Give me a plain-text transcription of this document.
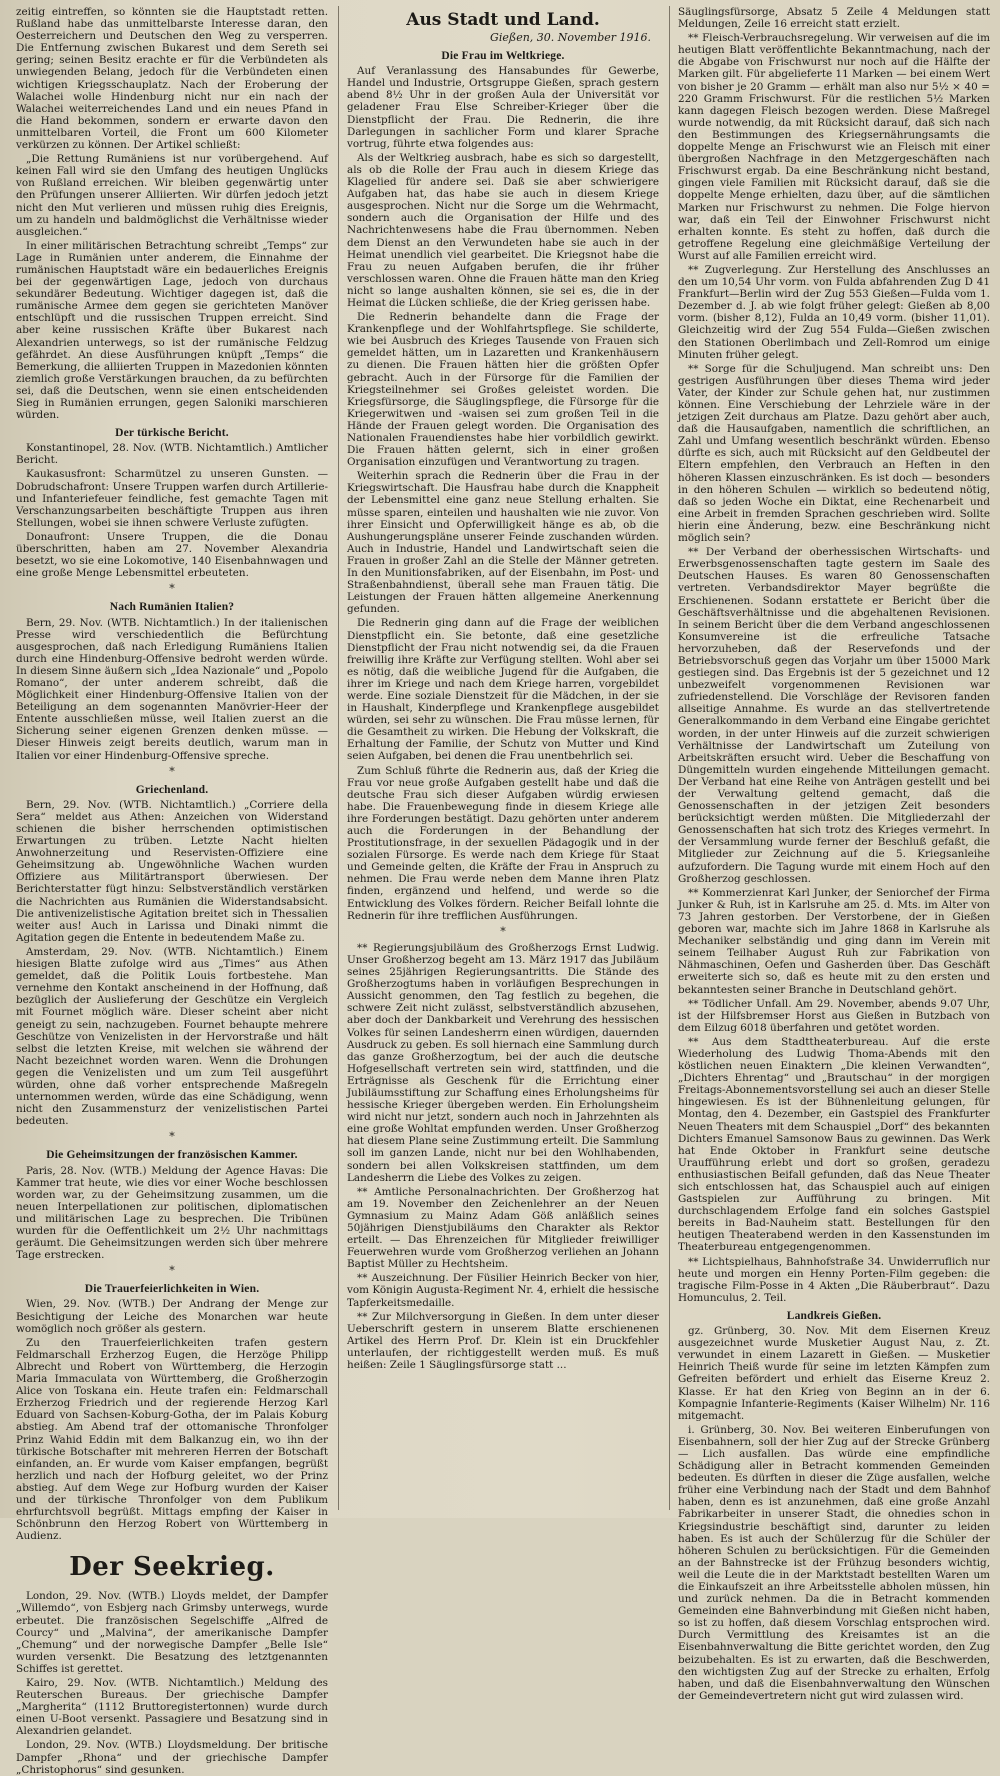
zeitig eintreffen, so könnten sie die Hauptstadt retten. Rußland habe das unmittelbarste Interesse daran, den Oesterreichern und Deutschen den Weg zu versperren. Die Entfernung zwischen Bukarest und dem Sereth sei gering; seinen Besitz erachte er für die Verbündeten als unwiegenden Belang, jedoch für die Verbündeten einen wichtigen Kriegsschauplatz. Nach der Eroberung der Walachei wolle Hindenburg nicht nur ein nach der Walachei weiterreichendes Land und ein neues Pfand in die Hand bekommen, sondern er erwarte davon den unmittelbaren Vorteil, die Front um 600 Kilometer verkürzen zu können. Der Artikel schließt:

„Die Rettung Rumäniens ist nur vorübergehend. Auf keinen Fall wird sie den Umfang des heutigen Unglücks von Rußland erreichen. Wir bleiben gegenwärtig unter den Prüfungen unserer Alliierten. Wir dürfen jedoch jetzt nicht den Mut verlieren und müssen ruhig dies Ereignis, um zu handeln und baldmöglichst die Verhältnisse wieder ausgleichen.“

In einer militärischen Betrachtung schreibt „Temps“ zur Lage in Rumänien unter anderem, die Einnahme der rumänischen Hauptstadt wäre ein bedauerliches Ereignis bei der gegenwärtigen Lage, jedoch von durchaus sekundärer Bedeutung. Wichtiger dagegen ist, daß die rumänische Armee dem gegen sie gerichteten Manöver entschlüpft und die russischen Truppen erreicht. Sind aber keine russischen Kräfte über Bukarest nach Alexandrien unterwegs, so ist der rumänische Feldzug gefährdet. An diese Ausführungen knüpft „Temps“ die Bemerkung, die alliierten Truppen in Mazedonien könnten ziemlich große Verstärkungen brauchen, da zu befürchten sei, daß die Deutschen, wenn sie einen entscheidenden Sieg in Rumänien errungen, gegen Saloniki marschieren würden.

Der türkische Bericht.

Konstantinopel, 28. Nov. (WTB. Nichtamtlich.) Amtlicher Bericht.

Kaukasusfront: Scharmützel zu unseren Gunsten. — Dobrudschafront: Unsere Truppen warfen durch Artillerie- und Infanteriefeuer feindliche, fest gemachte Tagen mit Verschanzungsarbeiten beschäftigte Truppen aus ihren Stellungen, wobei sie ihnen schwere Verluste zufügten.

Donaufront: Unsere Truppen, die die Donau überschritten, haben am 27. November Alexandria besetzt, wo sie eine Lokomotive, 140 Eisenbahnwagen und eine große Menge Lebensmittel erbeuteten.

*
Nach Rumänien Italien?

Bern, 29. Nov. (WTB. Nichtamtlich.) In der italienischen Presse wird verschiedentlich die Befürchtung ausgesprochen, daß nach Erledigung Rumäniens Italien durch eine Hindenburg-Offensive bedroht werden würde. In diesem Sinne äußern sich „Idea Nazionale“ und „Popolo Romano“, der unter anderem schreibt, daß die Möglichkeit einer Hindenburg-Offensive Italien von der Beteiligung an dem sogenannten Manövrier-Heer der Entente ausschließen müsse, weil Italien zuerst an die Sicherung seiner eigenen Grenzen denken müsse. — Dieser Hinweis zeigt bereits deutlich, warum man in Italien vor einer Hindenburg-Offensive spreche.

*
Griechenland.

Bern, 29. Nov. (WTB. Nichtamtlich.) „Corriere della Sera“ meldet aus Athen: Anzeichen von Widerstand schienen die bisher herrschenden optimistischen Erwartungen zu trüben. Letzte Nacht hielten Anwohnerzeitung und Reservisten-Offiziere eine Geheimsitzung ab. Ungewöhnliche Wachen wurden Offiziere aus Militärtransport überwiesen. Der Berichterstatter fügt hinzu: Selbstverständlich verstärken die Nachrichten aus Rumänien die Widerstandsabsicht. Die antivenizelistische Agitation breitet sich in Thessalien weiter aus! Auch in Larissa und Dinaki nimmt die Agitation gegen die Entente in bedeutendem Maße zu.

Amsterdam, 29. Nov. (WTB. Nichtamtlich.) Einem hiesigen Blatte zufolge wird aus „Times“ aus Athen gemeldet, daß die Politik Louis fortbestehe. Man vernehme den Kontakt anscheinend in der Hoffnung, daß bezüglich der Auslieferung der Geschütze ein Vergleich mit Fournet möglich wäre. Dieser scheint aber nicht geneigt zu sein, nachzugeben. Fournet behaupte mehrere Geschütze von Venizelisten in der Hervorstraße und hält selbst die letzten Kreise, mit welchen sie während der Nacht bezeichnet worden waren. Wenn die Drohungen gegen die Venizelisten und um zum Teil ausgeführt würden, ohne daß vorher entsprechende Maßregeln unternommen werden, würde das eine Schädigung, wenn nicht den Zusammensturz der venizelistischen Partei bedeuten.

*
Die Geheimsitzungen der französischen Kammer.

Paris, 28. Nov. (WTB.) Meldung der Agence Havas: Die Kammer trat heute, wie dies vor einer Woche beschlossen worden war, zu der Geheimsitzung zusammen, um die neuen Interpellationen zur politischen, diplomatischen und militärischen Lage zu besprechen. Die Tribünen wurden für die Oeffentlichkeit um 2½ Uhr nachmittags geräumt. Die Geheimsitzungen werden sich über mehrere Tage erstrecken.

*
Die Trauerfeierlichkeiten in Wien.

Wien, 29. Nov. (WTB.) Der Andrang der Menge zur Besichtigung der Leiche des Monarchen war heute womöglich noch größer als gestern.

Zu den Trauerfeierlichkeiten trafen gestern Feldmarschall Erzherzog Eugen, die Herzöge Philipp Albrecht und Robert von Württemberg, die Herzogin Maria Immaculata von Württemberg, die Großherzogin Alice von Toskana ein. Heute trafen ein: Feldmarschall Erzherzog Friedrich und der regierende Herzog Karl Eduard von Sachsen-Koburg-Gotha, der im Palais Koburg abstieg. Am Abend traf der ottomanische Thronfolger Prinz Wahid Eddin mit dem Balkanzug ein, wo ihn der türkische Botschafter mit mehreren Herren der Botschaft einfanden, an. Er wurde vom Kaiser empfangen, begrüßt herzlich und nach der Hofburg geleitet, wo der Prinz abstieg. Auf dem Wege zur Hofburg wurden der Kaiser und der türkische Thronfolger von dem Publikum ehrfurchtsvoll begrüßt. Mittags empfing der Kaiser in Schönbrunn den Herzog Robert von Württemberg in Audienz.

Der Seekrieg.

London, 29. Nov. (WTB.) Lloyds meldet, der Dampfer „Willemdo“, von Esbjerg nach Grimsby unterwegs, wurde erbeutet. Die französischen Segelschiffe „Alfred de Courcy“ und „Malvina“, der amerikanische Dampfer „Chemung“ und der norwegische Dampfer „Belle Isle“ wurden versenkt. Die Besatzung des letztgenannten Schiffes ist gerettet.

Kairo, 29. Nov. (WTB. Nichtamtlich.) Meldung des Reuterschen Bureaus. Der griechische Dampfer „Margherita“ (1112 Bruttoregistertonnen) wurde durch einen U-Boot versenkt. Passagiere und Besatzung sind in Alexandrien gelandet.

London, 29. Nov. (WTB.) Lloydsmeldung. Der britische Dampfer „Rhona“ und der griechische Dampfer „Christophorus“ sind gesunken.

Aus Stadt und Land.
Gießen, 30. November 1916.
Die Frau im Weltkriege.

Auf Veranlassung des Hansabundes für Gewerbe, Handel und Industrie, Ortsgruppe Gießen, sprach gestern abend 8½ Uhr in der großen Aula der Universität vor geladener Frau Else Schreiber-Krieger über die Dienstpflicht der Frau. Die Rednerin, die ihre Darlegungen in sachlicher Form und klarer Sprache vortrug, führte etwa folgendes aus:

Als der Weltkrieg ausbrach, habe es sich so dargestellt, als ob die Rolle der Frau auch in diesem Kriege das Klagelied für andere sei. Daß sie aber schwierigere Aufgaben hat, das habe sie auch in diesem Kriege ausgesprochen. Nicht nur die Sorge um die Wehrmacht, sondern auch die Organisation der Hilfe und des Nachrichtenwesens habe die Frau übernommen. Neben dem Dienst an den Verwundeten habe sie auch in der Heimat unendlich viel gearbeitet. Die Kriegsnot habe die Frau zu neuen Aufgaben berufen, die ihr früher verschlossen waren. Ohne die Frauen hätte man den Krieg nicht so lange aushalten können, sie sei es, die in der Heimat die Lücken schließe, die der Krieg gerissen habe.

Die Rednerin behandelte dann die Frage der Krankenpflege und der Wohlfahrtspflege. Sie schilderte, wie bei Ausbruch des Krieges Tausende von Frauen sich gemeldet hätten, um in Lazaretten und Krankenhäusern zu dienen. Die Frauen hätten hier die größten Opfer gebracht. Auch in der Fürsorge für die Familien der Kriegsteilnehmer sei Großes geleistet worden. Die Kriegsfürsorge, die Säuglingspflege, die Fürsorge für die Kriegerwitwen und -waisen sei zum großen Teil in die Hände der Frauen gelegt worden. Die Organisation des Nationalen Frauendienstes habe hier vorbildlich gewirkt. Die Frauen hätten gelernt, sich in einer großen Organisation einzufügen und Verantwortung zu tragen.

Weiterhin sprach die Rednerin über die Frau in der Kriegswirtschaft. Die Hausfrau habe durch die Knappheit der Lebensmittel eine ganz neue Stellung erhalten. Sie müsse sparen, einteilen und haushalten wie nie zuvor. Von ihrer Einsicht und Opferwilligkeit hänge es ab, ob die Aushungerungspläne unserer Feinde zuschanden würden. Auch in Industrie, Handel und Landwirtschaft seien die Frauen in großer Zahl an die Stelle der Männer getreten. In den Munitionsfabriken, auf der Eisenbahn, im Post- und Straßenbahndienst, überall sehe man Frauen tätig. Die Leistungen der Frauen hätten allgemeine Anerkennung gefunden.

Die Rednerin ging dann auf die Frage der weiblichen Dienstpflicht ein. Sie betonte, daß eine gesetzliche Dienstpflicht der Frau nicht notwendig sei, da die Frauen freiwillig ihre Kräfte zur Verfügung stellten. Wohl aber sei es nötig, daß die weibliche Jugend für die Aufgaben, die ihrer im Kriege und nach dem Kriege harren, vorgebildet werde. Eine soziale Dienstzeit für die Mädchen, in der sie in Haushalt, Kinderpflege und Krankenpflege ausgebildet würden, sei sehr zu wünschen. Die Frau müsse lernen, für die Gesamtheit zu wirken. Die Hebung der Volkskraft, die Erhaltung der Familie, der Schutz von Mutter und Kind seien Aufgaben, bei denen die Frau unentbehrlich sei.

Zum Schluß führte die Rednerin aus, daß der Krieg die Frau vor neue große Aufgaben gestellt habe und daß die deutsche Frau sich dieser Aufgaben würdig erwiesen habe. Die Frauenbewegung finde in diesem Kriege alle ihre Forderungen bestätigt. Dazu gehörten unter anderem auch die Forderungen in der Behandlung der Prostitutionsfrage, in der sexuellen Pädagogik und in der sozialen Fürsorge. Es werde nach dem Kriege für Staat und Gemeinde gelten, die Kräfte der Frau in Anspruch zu nehmen. Die Frau werde neben dem Manne ihren Platz finden, ergänzend und helfend, und werde so die Entwicklung des Volkes fördern. Reicher Beifall lohnte die Rednerin für ihre trefflichen Ausführungen.

*

** Regierungsjubiläum des Großherzogs Ernst Ludwig. Unser Großherzog begeht am 13. März 1917 das Jubiläum seines 25jährigen Regierungsantritts. Die Stände des Großherzogtums haben in vorläufigen Besprechungen in Aussicht genommen, den Tag festlich zu begehen, die schwere Zeit nicht zulässt, selbstverständlich abzusehen, aber doch der Dankbarkeit und Verehrung des hessischen Volkes für seinen Landesherrn einen würdigen, dauernden Ausdruck zu geben. Es soll hiernach eine Sammlung durch das ganze Großherzogtum, bei der auch die deutsche Hofgesellschaft vertreten sein wird, stattfinden, und die Erträgnisse als Geschenk für die Errichtung einer Jubiläumsstiftung zur Schaffung eines Erholungsheims für hessische Krieger übergeben werden. Ein Erholungsheim wird nicht nur jetzt, sondern auch noch in Jahrzehnten als eine große Wohltat empfunden werden. Unser Großherzog hat diesem Plane seine Zustimmung erteilt. Die Sammlung soll im ganzen Lande, nicht nur bei den Wohlhabenden, sondern bei allen Volkskreisen stattfinden, um dem Landesherrn die Liebe des Volkes zu zeigen.

** Amtliche Personalnachrichten. Der Großherzog hat am 19. November den Zeichenlehrer an der Neuen Gymnasium zu Mainz Adam Göß anläßlich seines 50jährigen Dienstjubiläums den Charakter als Rektor erteilt. — Das Ehrenzeichen für Mitglieder freiwilliger Feuerwehren wurde vom Großherzog verliehen an Johann Baptist Müller zu Hechtsheim.

** Auszeichnung. Der Füsilier Heinrich Becker von hier, vom Königin Augusta-Regiment Nr. 4, erhielt die hessische Tapferkeitsmedaille.

** Zur Milchversorgung in Gießen. In dem unter dieser Ueberschrift gestern in unserem Blatte erschienenen Artikel des Herrn Prof. Dr. Klein ist ein Druckfehler unterlaufen, der richtiggestellt werden muß. Es muß heißen: Zeile 1 Säuglingsfürsorge statt ...

Säuglingsfürsorge, Absatz 5 Zeile 4 Meldungen statt Meldungen, Zeile 16 erreicht statt erzielt.

** Fleisch-Verbrauchsregelung. Wir verweisen auf die im heutigen Blatt veröffentlichte Bekanntmachung, nach der die Abgabe von Frischwurst nur noch auf die Hälfte der Marken gilt. Für abgelieferte 11 Marken — bei einem Wert von bisher je 20 Gramm — erhält man also nur 5½ × 40 = 220 Gramm Frischwurst. Für die restlichen 5½ Marken kann dagegen Fleisch bezogen werden. Diese Maßregel wurde notwendig, da mit Rücksicht darauf, daß sich nach den Bestimmungen des Kriegsernährungsamts die doppelte Menge an Frischwurst wie an Fleisch mit einer übergroßen Nachfrage in den Metzgergeschäften nach Frischwurst ergab. Da eine Beschränkung nicht bestand, gingen viele Familien mit Rücksicht darauf, daß sie die doppelte Menge erhielten, dazu über, auf die sämtlichen Marken nur Frischwurst zu nehmen. Die Folge hiervon war, daß ein Teil der Einwohner Frischwurst nicht erhalten konnte. Es steht zu hoffen, daß durch die getroffene Regelung eine gleichmäßige Verteilung der Wurst auf alle Familien erreicht wird.

** Zugverlegung. Zur Herstellung des Anschlusses an den um 10,54 Uhr vorm. von Fulda abfahrenden Zug D 41 Frankfurt—Berlin wird der Zug 553 Gießen—Fulda vom 1. Dezember d. J. ab wie folgt früher gelegt: Gießen ab 8,00 vorm. (bisher 8,12), Fulda an 10,49 vorm. (bisher 11,01). Gleichzeitig wird der Zug 554 Fulda—Gießen zwischen den Stationen Oberlimbach und Zell-Romrod um einige Minuten früher gelegt.

** Sorge für die Schuljugend. Man schreibt uns: Den gestrigen Ausführungen über dieses Thema wird jeder Vater, der Kinder zur Schule gehen hat, nur zustimmen können. Eine Verschiebung der Lehrziele wäre in der jetzigen Zeit durchaus am Platze. Dazu gehört aber auch, daß die Hausaufgaben, namentlich die schriftlichen, an Zahl und Umfang wesentlich beschränkt würden. Ebenso dürfte es sich, auch mit Rücksicht auf den Geldbeutel der Eltern empfehlen, den Verbrauch an Heften in den höheren Klassen einzuschränken. Es ist doch — besonders in den höheren Schulen — wirklich so bedeutend nötig, daß so jeden Woche ein Diktat, eine Rechenarbeit und eine Arbeit in fremden Sprachen geschrieben wird. Sollte hierin eine Änderung, bezw. eine Beschränkung nicht möglich sein?

** Der Verband der oberhessischen Wirtschafts- und Erwerbsgenossenschaften tagte gestern im Saale des Deutschen Hauses. Es waren 80 Genossenschaften vertreten. Verbandsdirektor Mayer begrüßte die Erschienenen. Sodann erstattete er Bericht über die Geschäftsverhältnisse und die abgehaltenen Revisionen. In seinem Bericht über die dem Verband angeschlossenen Konsumvereine ist die erfreuliche Tatsache hervorzuheben, daß der Reservefonds und der Betriebsvorschuß gegen das Vorjahr um über 15000 Mark gestiegen sind. Das Ergebnis ist der 5 gezeichnet und 12 unbezweifelt vorgenommenen Revisionen war zufriedenstellend. Die Vorschläge der Revisoren fanden allseitige Annahme. Es wurde an das stellvertretende Generalkommando in dem Verband eine Eingabe gerichtet worden, in der unter Hinweis auf die zurzeit schwierigen Verhältnisse der Landwirtschaft um Zuteilung von Arbeitskräften ersucht wird. Ueber die Beschaffung von Düngemitteln wurden eingehende Mitteilungen gemacht. Der Verband hat eine Reihe von Anträgen gestellt und bei der Verwaltung geltend gemacht, daß die Genossenschaften in der jetzigen Zeit besonders berücksichtigt werden müßten. Die Mitgliederzahl der Genossenschaften hat sich trotz des Krieges vermehrt. In der Versammlung wurde ferner der Beschluß gefaßt, die Mitglieder zur Zeichnung auf die 5. Kriegsanleihe aufzufordern. Die Tagung wurde mit einem Hoch auf den Großherzog geschlossen.

** Kommerzienrat Karl Junker, der Seniorchef der Firma Junker & Ruh, ist in Karlsruhe am 25. d. Mts. im Alter von 73 Jahren gestorben. Der Verstorbene, der in Gießen geboren war, machte sich im Jahre 1868 in Karlsruhe als Mechaniker selbständig und ging dann im Verein mit seinem Teilhaber August Ruh zur Fabrikation von Nähmaschinen, Oefen und Gasherden über. Das Geschäft erweiterte sich so, daß es heute mit zu den ersten und bekanntesten seiner Branche in Deutschland gehört.

** Tödlicher Unfall. Am 29. November, abends 9.07 Uhr, ist der Hilfsbremser Horst aus Gießen in Butzbach von dem Eilzug 6018 überfahren und getötet worden.

** Aus dem Stadttheaterbureau. Auf die erste Wiederholung des Ludwig Thoma-Abends mit den köstlichen neuen Einaktern „Die kleinen Verwandten“, „Dichters Ehrentag“ und „Brautschau“ in der morgigen Freitags-Abonnementsvorstellung sei auch an dieser Stelle hingewiesen. Es ist der Bühnenleitung gelungen, für Montag, den 4. Dezember, ein Gastspiel des Frankfurter Neuen Theaters mit dem Schauspiel „Dorf“ des bekannten Dichters Emanuel Samsonow Baus zu gewinnen. Das Werk hat Ende Oktober in Frankfurt seine deutsche Uraufführung erlebt und dort so großen, geradezu enthusiastischen Beifall gefunden, daß das Neue Theater sich entschlossen hat, das Schauspiel auch auf einigen Gastspielen zur Aufführung zu bringen. Mit durchschlagendem Erfolge fand ein solches Gastspiel bereits in Bad-Nauheim statt. Bestellungen für den heutigen Theaterabend werden in den Kassenstunden im Theaterbureau entgegengenommen.

** Lichtspielhaus, Bahnhofstraße 34. Unwiderruflich nur heute und morgen ein Henny Porten-Film gegeben: die tragische Film-Posse in 4 Akten „Die Räuberbraut“. Dazu Homunculus, 2. Teil.

Landkreis Gießen.

gz. Grünberg, 30. Nov. Mit dem Eisernen Kreuz ausgezeichnet wurde Musketier August Nau, z. Zt. verwundet in einem Lazarett in Gießen. — Musketier Heinrich Theiß wurde für seine im letzten Kämpfen zum Gefreiten befördert und erhielt das Eiserne Kreuz 2. Klasse. Er hat den Krieg von Beginn an in der 6. Kompagnie Infanterie-Regiments (Kaiser Wilhelm) Nr. 116 mitgemacht.

i. Grünberg, 30. Nov. Bei weiteren Einberufungen von Eisenbahnern, soll der hier Zug auf der Strecke Grünberg — Lich ausfallen. Das würde eine empfindliche Schädigung aller in Betracht kommenden Gemeinden bedeuten. Es dürften in dieser die Züge ausfallen, welche früher eine Verbindung nach der Stadt und dem Bahnhof haben, denn es ist anzunehmen, daß eine große Anzahl Fabrikarbeiter in unserer Stadt, die ohnedies schon in Kriegsindustrie beschäftigt sind, darunter zu leiden haben. Es ist auch der Schülerzug für die Schüler der höheren Schulen zu berücksichtigen. Für die Gemeinden an der Bahnstrecke ist der Frühzug besonders wichtig, weil die Leute die in der Marktstadt bestellten Waren um die Einkaufszeit an ihre Arbeitsstelle abholen müssen, hin und zurück nehmen. Da die in Betracht kommenden Gemeinden eine Bahnverbindung mit Gießen nicht haben, so ist zu hoffen, daß diesem Vorschlag entsprochen wird. Durch Vermittlung des Kreisamtes ist an die Eisenbahnverwaltung die Bitte gerichtet worden, den Zug beizubehalten. Es ist zu erwarten, daß die Beschwerden, den wichtigsten Zug auf der Strecke zu erhalten, Erfolg haben, und daß die Eisenbahnverwaltung den Wünschen der Gemeindevertretern nicht gut wird zulassen wird.
